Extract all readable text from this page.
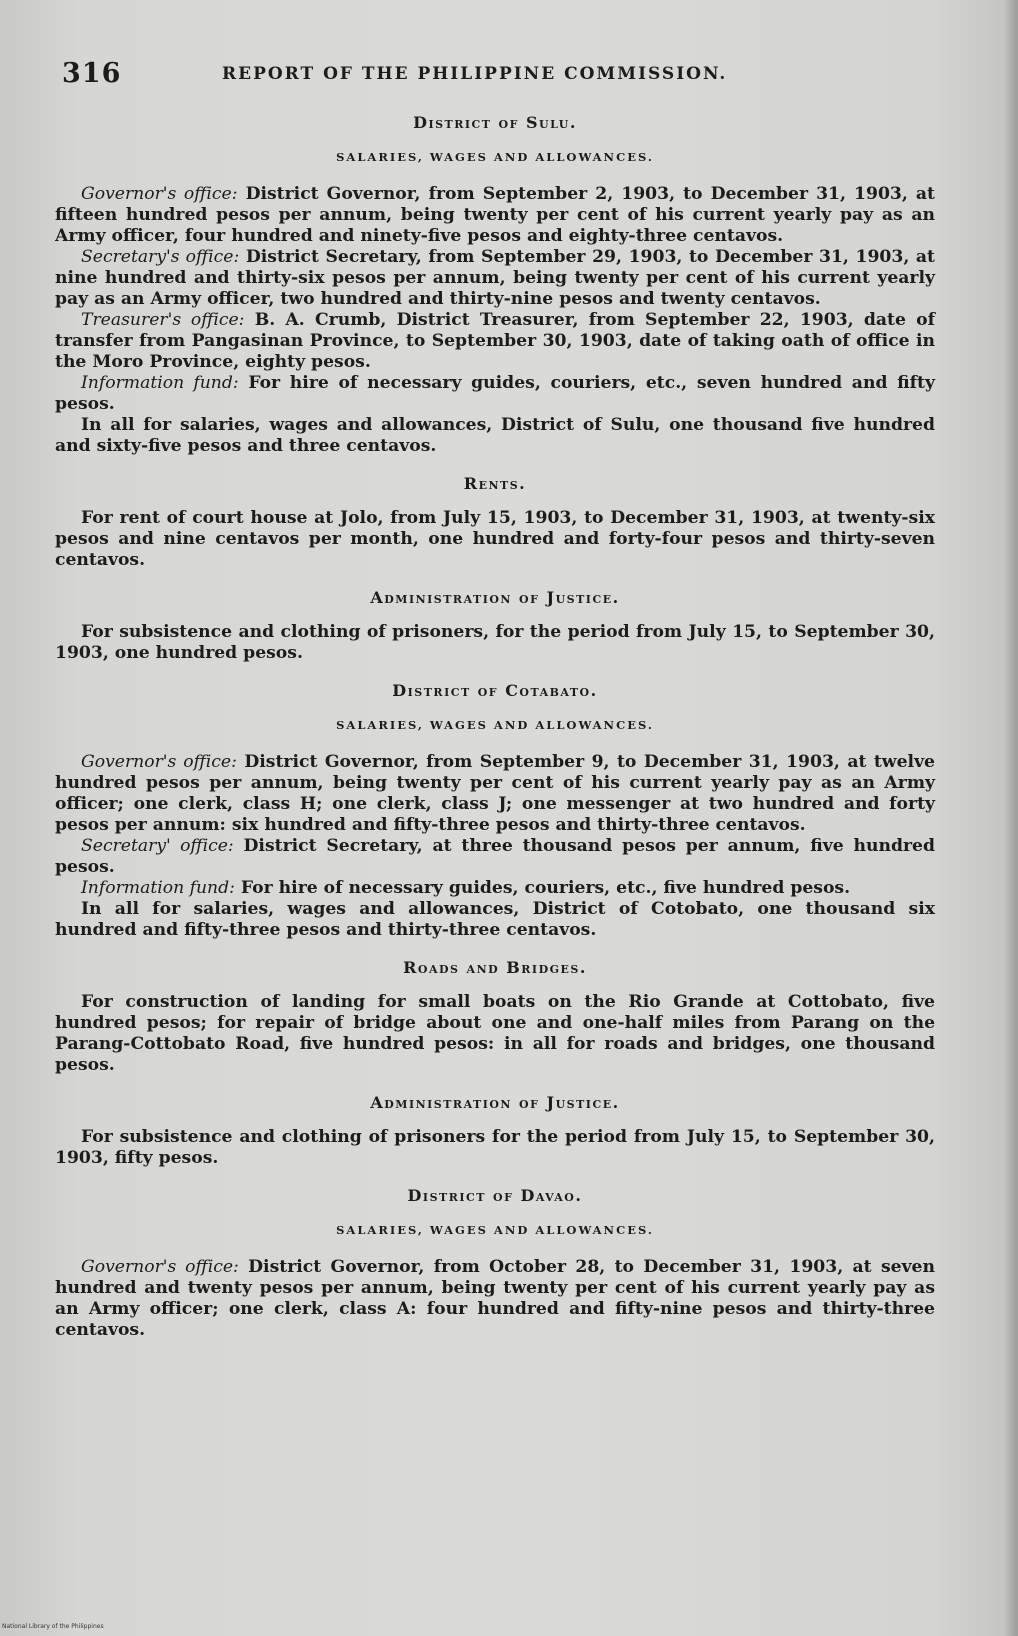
316	REPORT OF THE PHILIPPINE COMMISSION.
District of Sulu.
SALARIES, WAGES AND ALLOWANCES.

Governor's office: District Governor, from September 2, 1903, to December 31, 1903, at fifteen hundred pesos per annum, being twenty per cent of his current yearly pay as an Army officer, four hundred and ninety-five pesos and eighty-three centavos.

Secretary's office: District Secretary, from September 29, 1903, to December 31, 1903, at nine hundred and thirty-six pesos per annum, being twenty per cent of his current yearly pay as an Army officer, two hundred and thirty-nine pesos and twenty centavos.

Treasurer's office: B. A. Crumb, District Treasurer, from September 22, 1903, date of transfer from Pangasinan Province, to September 30, 1903, date of taking oath of office in the Moro Province, eighty pesos.

Information fund: For hire of necessary guides, couriers, etc., seven hundred and fifty pesos.

In all for salaries, wages and allowances, District of Sulu, one thousand five hundred and sixty-five pesos and three centavos.

Rents.

For rent of court house at Jolo, from July 15, 1903, to December 31, 1903, at twenty-six pesos and nine centavos per month, one hundred and forty-four pesos and thirty-seven centavos.

Administration of Justice.

For subsistence and clothing of prisoners, for the period from July 15, to September 30, 1903, one hundred pesos.

District of Cotabato.
SALARIES, WAGES AND ALLOWANCES.

Governor's office: District Governor, from September 9, to December 31, 1903, at twelve hundred pesos per annum, being twenty per cent of his current yearly pay as an Army officer; one clerk, class H; one clerk, class J; one messenger at two hundred and forty pesos per annum: six hundred and fifty-three pesos and thirty-three centavos.

Secretary' office: District Secretary, at three thousand pesos per annum, five hundred pesos.

Information fund: For hire of necessary guides, couriers, etc., five hundred pesos.

In all for salaries, wages and allowances, District of Cotobato, one thousand six hundred and fifty-three pesos and thirty-three centavos.

Roads and Bridges.

For construction of landing for small boats on the Rio Grande at Cottobato, five hundred pesos; for repair of bridge about one and one-half miles from Parang on the Parang-Cottobato Road, five hundred pesos: in all for roads and bridges, one thousand pesos.

Administration of Justice.

For subsistence and clothing of prisoners for the period from July 15, to September 30, 1903, fifty pesos.

District of Davao.
SALARIES, WAGES AND ALLOWANCES.

Governor's office: District Governor, from October 28, to December 31, 1903, at seven hundred and twenty pesos per annum, being twenty per cent of his current yearly pay as an Army officer; one clerk, class A: four hundred and fifty-nine pesos and thirty-three centavos.

National Library of the Philippines
